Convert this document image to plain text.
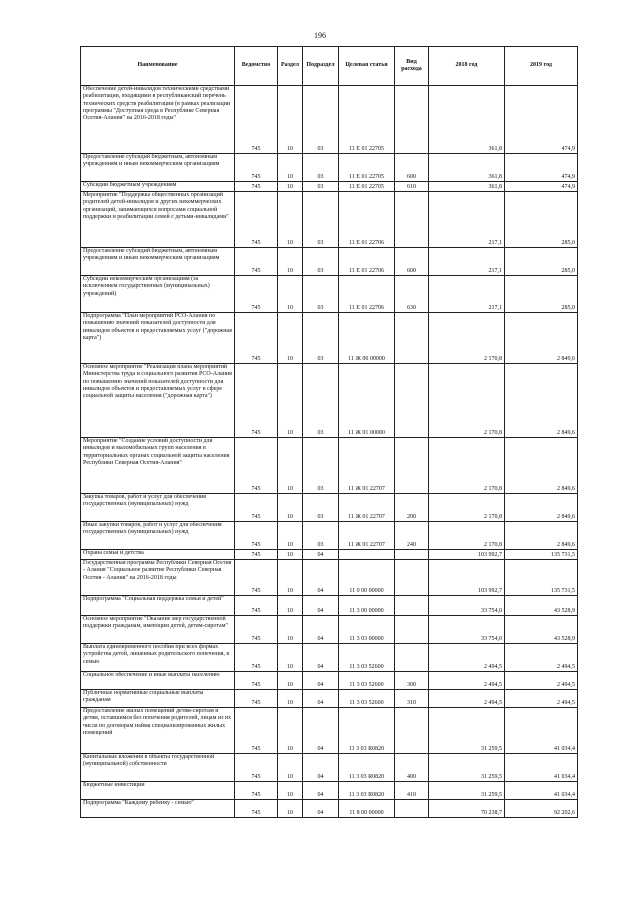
196
Наименование	Ведомство	Раздел	Подраздел	Целевая статья	Вид расхода	2018 год	2019 год
Обеспечение детей-инвалидов техническими средствами реабилитации, входящими в республиканский перечень технических средств реабилитации (в рамках реализации программы "Доступная среда в Республике Северная Осетия-Алания" на 2016-2018 годы"	745	10	03	11 Е 01 22705		361,8	474,9
Предоставление субсидий бюджетным, автономным учреждениям и иным некоммерческим организациям	745	10	03	11 Е 01 22705	600	361,8	474,9
Субсидии бюджетным учреждениям	745	10	03	11 Е 01 22705	610	361,8	474,9
Мероприятие "Поддержка общественных организаций родителей детей-инвалидов и других некоммерческих организаций, занимающихся вопросами социальной поддержки и реабилитации семей с детьми-инвалидами"	745	10	03	11 Е 01 22706		217,1	285,0
Предоставление субсидий бюджетным, автономным учреждениям и иным некоммерческим организациям	745	10	03	11 Е 01 22706	600	217,1	285,0
Субсидии некоммерческим организациям (за исключением государственных (муниципальных) учреждений)	745	10	03	11 Е 01 22706	630	217,1	285,0
Подпрограмма "План мероприятий РСО-Алания по повышению значений показателей доступности для инвалидов объектов и предоставляемых услуг ("дорожная карта")	745	10	03	11 Ж 00 00000		2 170,8	2 849,6
Основное мероприятие "Реализация плана мероприятий Министерства труда и социального развития РСО-Алания по повышению значений показателей доступности для инвалидов объектов и предоставляемых услуг в сфере социальной защиты населения ("дорожная карта")	745	10	03	11 Ж 01 00000		2 170,8	2 849,6
Мероприятие "Создание условий доступности для инвалидов и маломобильных групп населения в территориальных органах социальной защиты населения Республики Северная Осетия-Алания"	745	10	03	11 Ж 01 22707		2 170,8	2 849,6
Закупка товаров, работ и услуг для обеспечения государственных (муниципальных) нужд	745	10	03	11 Ж 01 22707	200	2 170,8	2 849,6
Иные закупки товаров, работ и услуг для обеспечения государственных (муниципальных) нужд	745	10	03	11 Ж 01 22707	240	2 170,8	2 849,6
Охрана семьи и детства	745	10	04			103 992,7	135 731,5
Государственная программа Республики Северная Осетия - Алания "Социальное развитие Республики Северная Осетия - Алания" на 2016-2018 годы	745	10	04	11 0 00 00000		103 992,7	135 731,5
Подпрограмма "Социальная поддержка семьи и детей"	745	10	04	11 3 00 00000		33 754,0	43 528,9
Основное мероприятие "Оказание мер государственной поддержки гражданам, имеющим детей, детям-сиротам"	745	10	04	11 3 03 00000		33 754,0	43 528,9
Выплата единовременного пособия при всех формах устройства детей, лишенных родительского попечения, в семью	745	10	04	11 3 03 52600		2 494,5	2 494,5
Социальное обеспечение и иные выплаты населению	745	10	04	11 3 03 52600	300	2 494,5	2 494,5
Публичные нормативные социальные выплаты гражданам	745	10	04	11 3 03 52600	310	2 494,5	2 494,5
Предоставление жилых помещений детям-сиротам и детям, оставшимся без попечения родителей, лицам из их числа по договорам найма специализированных жилых помещений	745	10	04	11 3 03 R0820		31 259,5	41 034,4
Капитальные вложения в объекты государственной (муниципальной) собственности	745	10	04	11 3 03 R0820	400	31 259,5	41 034,4
Бюджетные инвестиции	745	10	04	11 3 03 R0820	410	31 259,5	41 034,4
Подпрограмма "Каждому ребенку - семью"	745	10	04	11 8 00 00000		70 238,7	92 202,6
